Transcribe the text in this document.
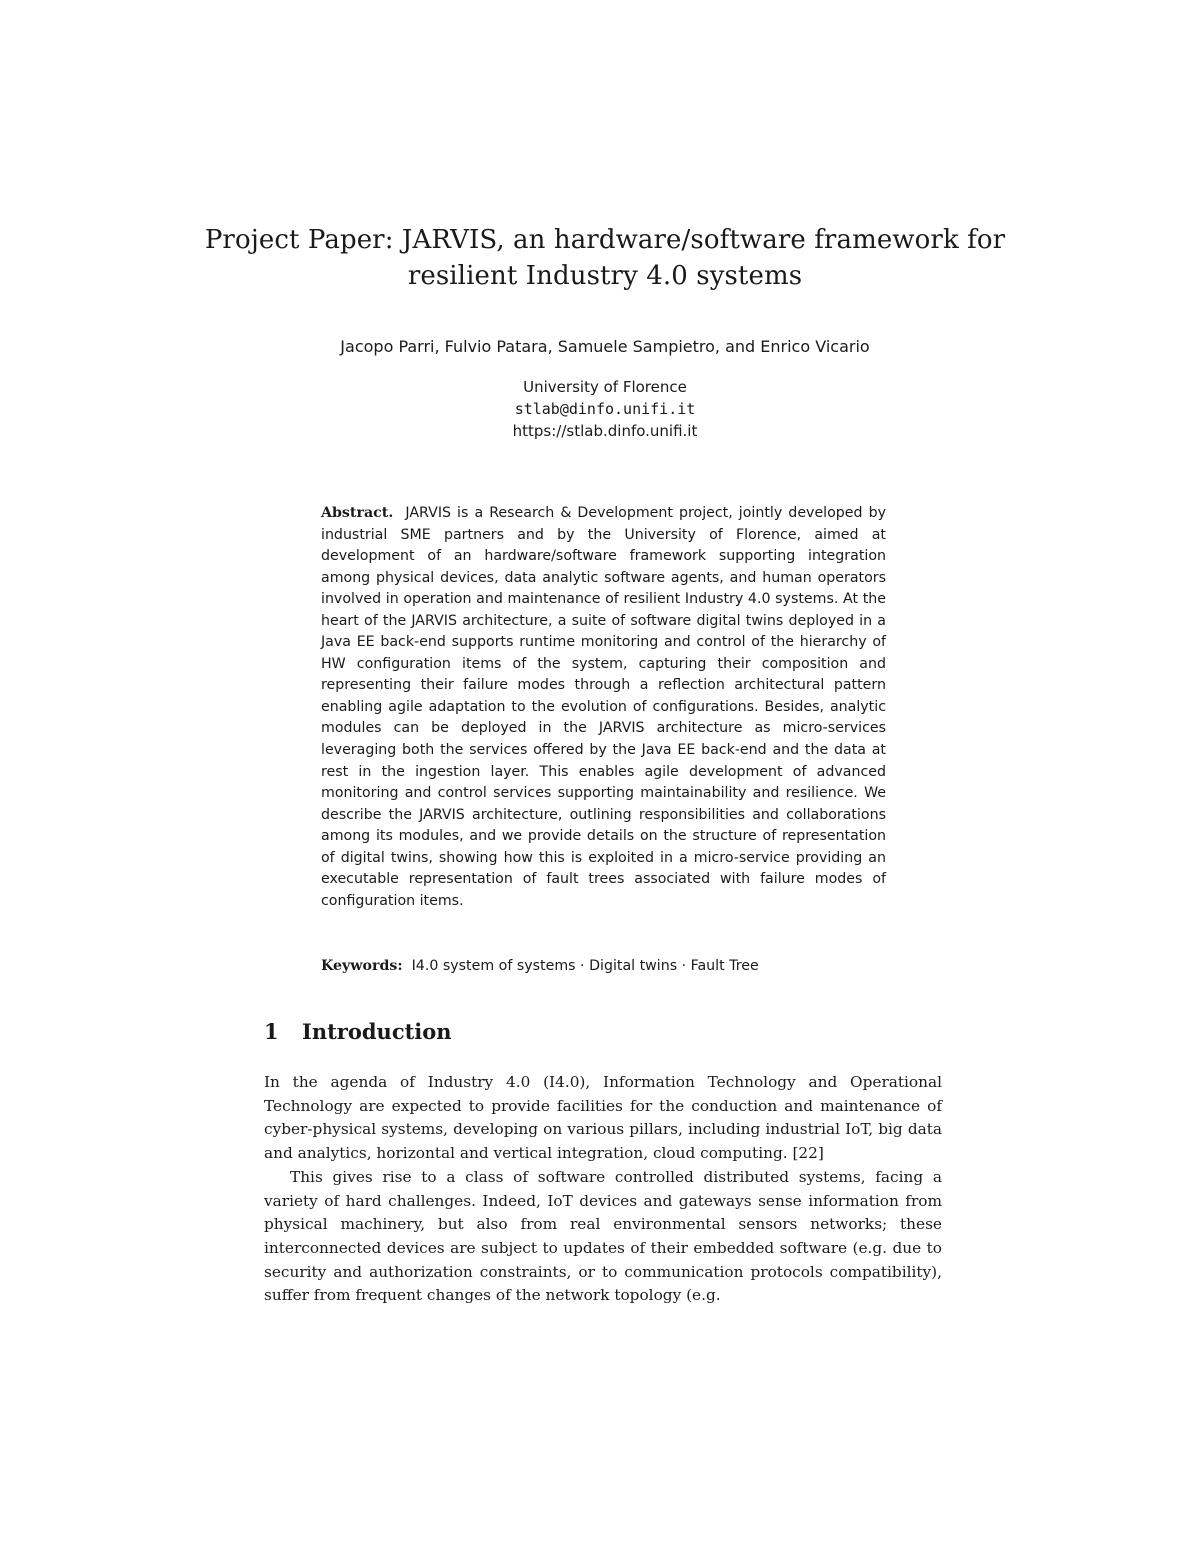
Project Paper: JARVIS, an hardware/software framework for resilient Industry 4.0 systems
Jacopo Parri, Fulvio Patara, Samuele Sampietro, and Enrico Vicario
University of Florence
stlab@dinfo.unifi.it
https://stlab.dinfo.unifi.it

Abstract. JARVIS is a Research & Development project, jointly developed by industrial SME partners and by the University of Florence, aimed at development of an hardware/software framework supporting integration among physical devices, data analytic software agents, and human operators involved in operation and maintenance of resilient Industry 4.0 systems. At the heart of the JARVIS architecture, a suite of software digital twins deployed in a Java EE back-end supports runtime monitoring and control of the hierarchy of HW configuration items of the system, capturing their composition and representing their failure modes through a reflection architectural pattern enabling agile adaptation to the evolution of configurations. Besides, analytic modules can be deployed in the JARVIS architecture as micro-services leveraging both the services offered by the Java EE back-end and the data at rest in the ingestion layer. This enables agile development of advanced monitoring and control services supporting maintainability and resilience. We describe the JARVIS architecture, outlining responsibilities and collaborations among its modules, and we provide details on the structure of representation of digital twins, showing how this is exploited in a micro-service providing an executable representation of fault trees associated with failure modes of configuration items.

Keywords: I4.0 system of systems · Digital twins · Fault Tree

1 Introduction

In the agenda of Industry 4.0 (I4.0), Information Technology and Operational Technology are expected to provide facilities for the conduction and maintenance of cyber-physical systems, developing on various pillars, including industrial IoT, big data and analytics, horizontal and vertical integration, cloud computing. [22]

This gives rise to a class of software controlled distributed systems, facing a variety of hard challenges. Indeed, IoT devices and gateways sense information from physical machinery, but also from real environmental sensors networks; these interconnected devices are subject to updates of their embedded software (e.g. due to security and authorization constraints, or to communication protocols compatibility), suffer from frequent changes of the network topology (e.g.
